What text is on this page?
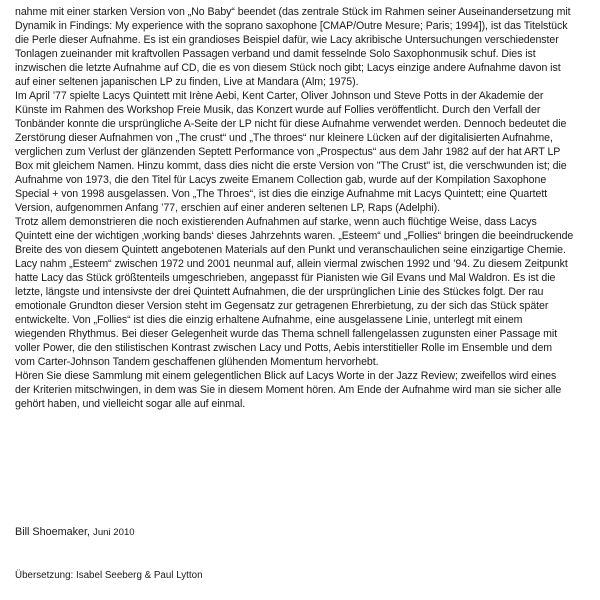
nahme mit einer starken Version von „No Baby“ beendet (das zentrale Stück im Rahmen seiner Auseinandersetzung mit Dynamik in Findings: My experience with the soprano saxophone [CMAP/Outre Mesure; Paris; 1994]), ist das Titelstück die Perle dieser Aufnahme. Es ist ein grandioses Beispiel dafür, wie Lacy akribische Untersuchungen verschiedenster Tonlagen zueinander mit kraftvollen Passagen verband und damit fesselnde Solo Saxophonmusik schuf. Dies ist inzwischen die letzte Aufnahme auf CD, die es von diesem Stück noch gibt; Lacys einzige andere Aufnahme davon ist auf einer seltenen japanischen LP zu finden, Live at Mandara (Alm; 1975).
Im April ’77 spielte Lacys Quintett mit Irène Aebi, Kent Carter, Oliver Johnson und Steve Potts in der Akademie der Künste im Rahmen des Workshop Freie Musik, das Konzert wurde auf Follies veröffentlicht. Durch den Verfall der Tonbänder konnte die ursprüngliche A-Seite der LP nicht für diese Aufnahme verwendet werden. Dennoch bedeutet die Zerstörung dieser Aufnahmen von „The crust“ und „The throes“ nur kleinere Lücken auf der digitalisierten Aufnahme, verglichen zum Verlust der glänzenden Septett Performance von „Prospectus“ aus dem Jahr 1982 auf der hat ART LP Box mit gleichem Namen. Hinzu kommt, dass dies nicht die erste Version von "The Crust" ist, die verschwunden ist; die Aufnahme von 1973, die den Titel für Lacys zweite Emanem Collection gab, wurde auf der Kompilation Saxophone Special + von 1998 ausgelassen. Von „The Throes“, ist dies die einzige Aufnahme mit Lacys Quintett; eine Quartett Version, aufgenommen Anfang ’77, erschien auf einer anderen seltenen LP, Raps (Adelphi).
Trotz allem demonstrieren die noch existierenden Aufnahmen auf starke, wenn auch flüchtige Weise, dass Lacys Quintett eine der wichtigen ‚working bands‘ dieses Jahrzehnts waren. „Esteem“ und „Follies“ bringen die beeindruckende Breite des von diesem Quintett angebotenen Materials auf den Punkt und veranschaulichen seine einzigartige Chemie. Lacy nahm „Esteem“ zwischen 1972 und 2001 neunmal auf, allein viermal zwischen 1992 und ’94. Zu diesem Zeitpunkt hatte Lacy das Stück größtenteils umgeschrieben, angepasst für Pianisten wie Gil Evans und Mal Waldron. Es ist die letzte, längste und intensivste der drei Quintett Aufnahmen, die der ursprünglichen Linie des Stückes folgt. Der rau emotionale Grundton dieser Version steht im Gegensatz zur getragenen Ehrerbietung, zu der sich das Stück später entwickelte. Von „Follies“ ist dies die einzig erhaltene Aufnahme, eine ausgelassene Linie, unterlegt mit einem wiegenden Rhythmus. Bei dieser Gelegenheit wurde das Thema schnell fallengelassen zugunsten einer Passage mit voller Power, die den stilistischen Kontrast zwischen Lacy und Potts, Aebis interstitieller Rolle im Ensemble und dem vom Carter-Johnson Tandem geschaffenen glühenden Momentum hervorhebt.
Hören Sie diese Sammlung mit einem gelegentlichen Blick auf Lacys Worte in der Jazz Review; zweifellos wird eines der Kriterien mitschwingen, in dem was Sie in diesem Moment hören. Am Ende der Aufnahme wird man sie sicher alle gehört haben, und vielleicht sogar alle auf einmal.

Bill Shoemaker, Juni 2010
Übersetzung: Isabel Seeberg & Paul Lytton
